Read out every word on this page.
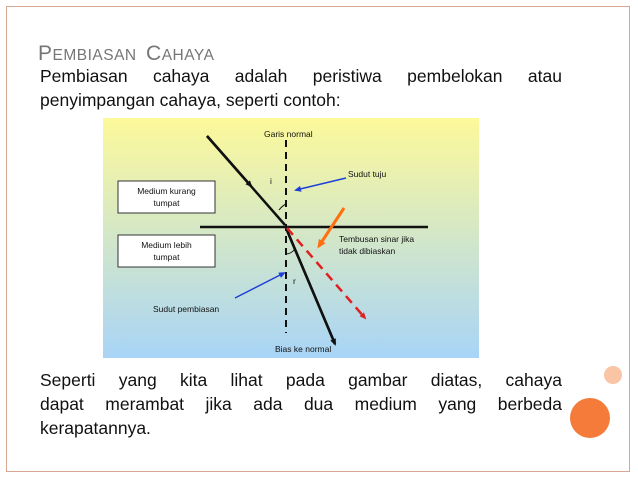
PEMBIASAN CAHAYA

Pembiasan cahaya adalah peristiwa pembelokan atau
penyimpangan cahaya, seperti contoh:

Garis normal
Sudut tuju
i
r
Medium kurang
tumpat
Medium lebih
tumpat
Tembusan sinar jika
tidak dibiaskan
Sudut pembiasan
Bias ke normal

Seperti yang kita lihat pada gambar diatas, cahaya
dapat merambat jika ada dua medium yang berbeda
kerapatannya.
